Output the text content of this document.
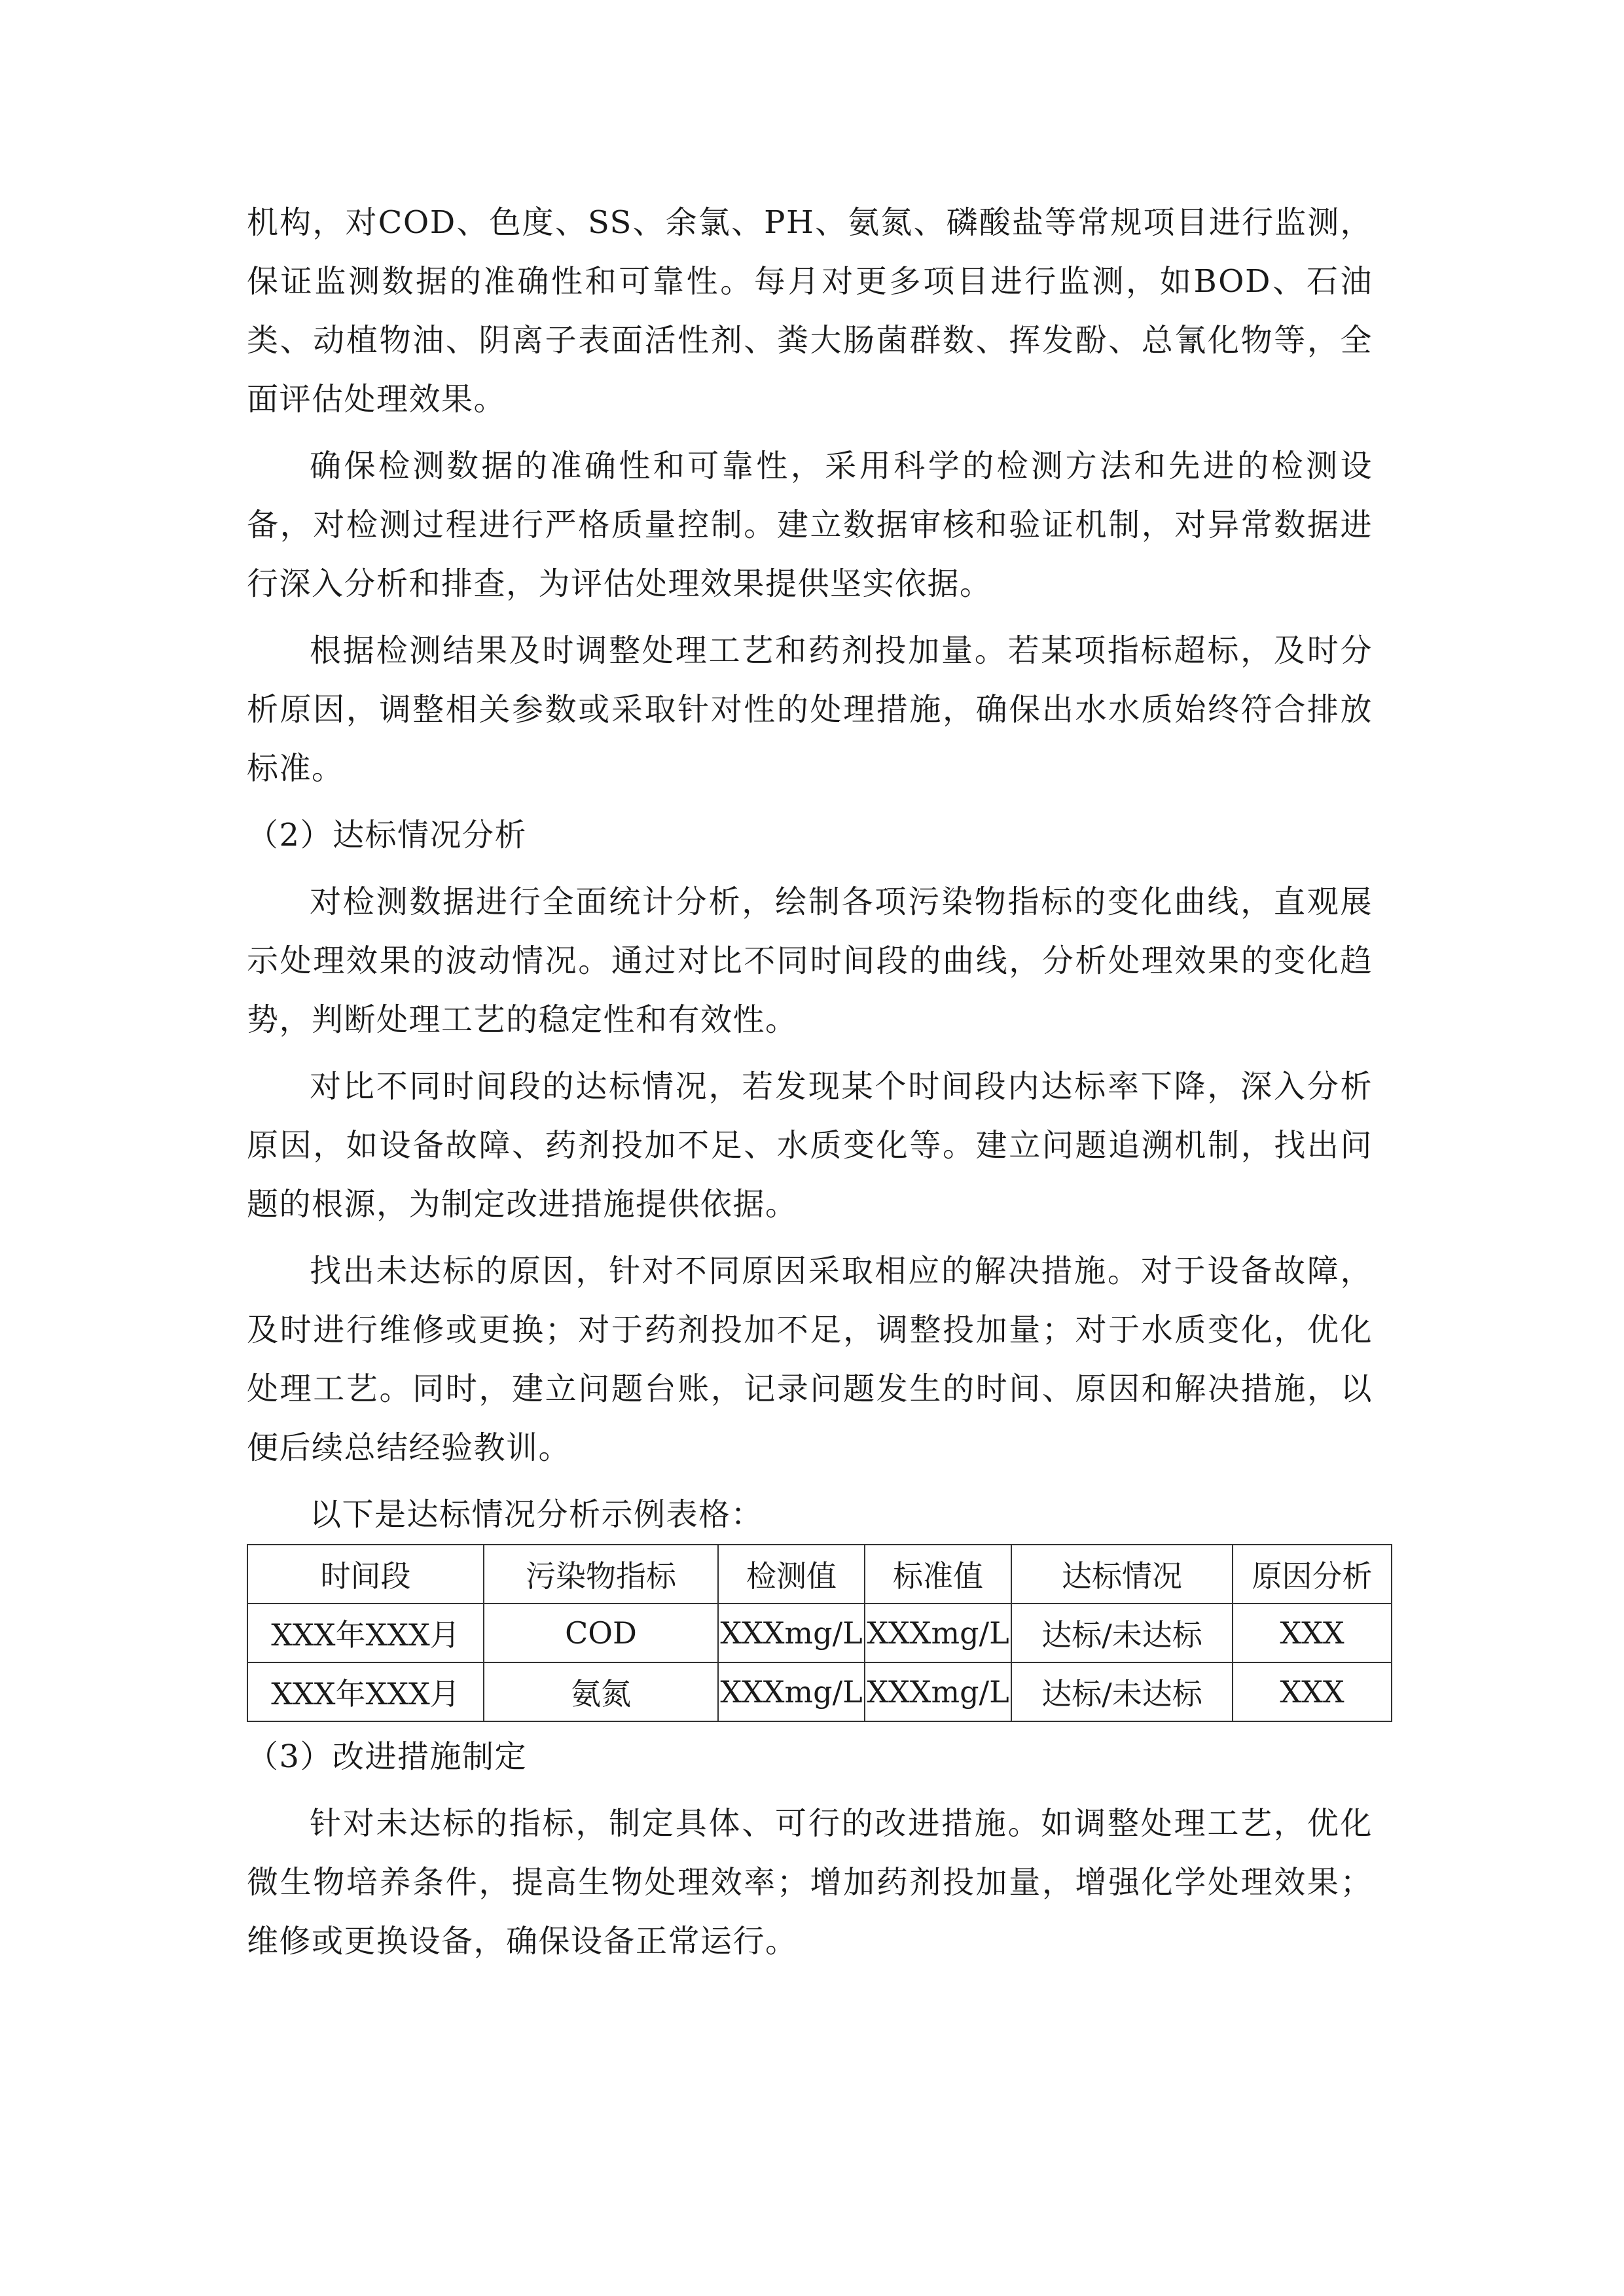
机构，对COD、色度、SS、余氯、PH、氨氮、磷酸盐等常规项目进行监测，保证监测数据的准确性和可靠性。每月对更多项目进行监测，如BOD、石油类、动植物油、阴离子表面活性剂、粪大肠菌群数、挥发酚、总氰化物等，全面评估处理效果。

确保检测数据的准确性和可靠性，采用科学的检测方法和先进的检测设备，对检测过程进行严格质量控制。建立数据审核和验证机制，对异常数据进行深入分析和排查，为评估处理效果提供坚实依据。

根据检测结果及时调整处理工艺和药剂投加量。若某项指标超标，及时分析原因，调整相关参数或采取针对性的处理措施，确保出水水质始终符合排放标准。

（2）达标情况分析

对检测数据进行全面统计分析，绘制各项污染物指标的变化曲线，直观展示处理效果的波动情况。通过对比不同时间段的曲线，分析处理效果的变化趋势，判断处理工艺的稳定性和有效性。

对比不同时间段的达标情况，若发现某个时间段内达标率下降，深入分析原因，如设备故障、药剂投加不足、水质变化等。建立问题追溯机制，找出问题的根源，为制定改进措施提供依据。

找出未达标的原因，针对不同原因采取相应的解决措施。对于设备故障，及时进行维修或更换；对于药剂投加不足，调整投加量；对于水质变化，优化处理工艺。同时，建立问题台账，记录问题发生的时间、原因和解决措施，以便后续总结经验教训。

以下是达标情况分析示例表格：
时间段	污染物指标	检测值	标准值	达标情况	原因分析
XXX年XXX月	COD	XXXmg/L	XXXmg/L	达标/未达标	XXX
XXX年XXX月	氨氮	XXXmg/L	XXXmg/L	达标/未达标	XXX
（3）改进措施制定

针对未达标的指标，制定具体、可行的改进措施。如调整处理工艺，优化微生物培养条件，提高生物处理效率；增加药剂投加量，增强化学处理效果；维修或更换设备，确保设备正常运行。
